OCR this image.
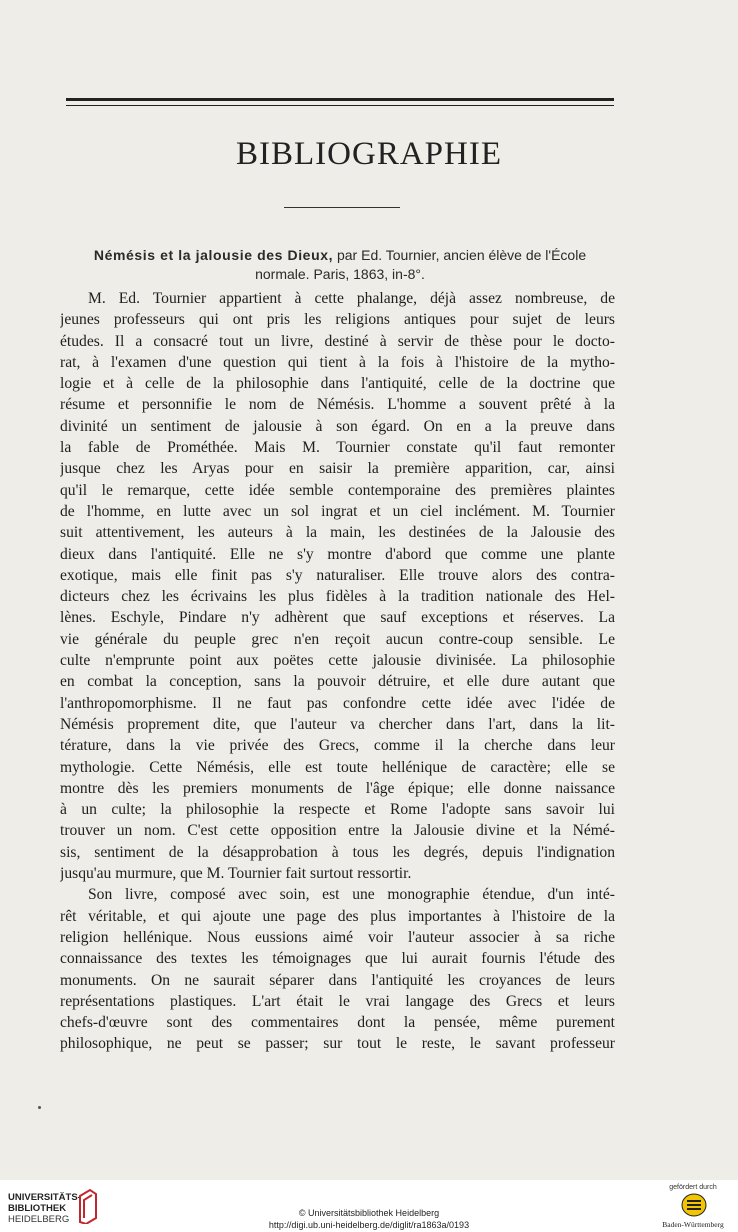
BIBLIOGRAPHIE
Némésis et la jalousie des Dieux, par Ed. Tournier, ancien élève de l'École
normale. Paris, 1863, in-8°.
M. Ed. Tournier appartient à cette phalange, déjà assez nombreuse, de
jeunes professeurs qui ont pris les religions antiques pour sujet de leurs
études. Il a consacré tout un livre, destiné à servir de thèse pour le docto-
rat, à l'examen d'une question qui tient à la fois à l'histoire de la mytho-
logie et à celle de la philosophie dans l'antiquité, celle de la doctrine que
résume et personnifie le nom de Némésis. L'homme a souvent prêté à la
divinité un sentiment de jalousie à son égard. On en a la preuve dans
la fable de Prométhée. Mais M. Tournier constate qu'il faut remonter
jusque chez les Aryas pour en saisir la première apparition, car, ainsi
qu'il le remarque, cette idée semble contemporaine des premières plaintes
de l'homme, en lutte avec un sol ingrat et un ciel inclément. M. Tournier
suit attentivement, les auteurs à la main, les destinées de la Jalousie des
dieux dans l'antiquité. Elle ne s'y montre d'abord que comme une plante
exotique, mais elle finit pas s'y naturaliser. Elle trouve alors des contra-
dicteurs chez les écrivains les plus fidèles à la tradition nationale des Hel-
lènes. Eschyle, Pindare n'y adhèrent que sauf exceptions et réserves. La
vie générale du peuple grec n'en reçoit aucun contre-coup sensible. Le
culte n'emprunte point aux poëtes cette jalousie divinisée. La philosophie
en combat la conception, sans la pouvoir détruire, et elle dure autant que
l'anthropomorphisme. Il ne faut pas confondre cette idée avec l'idée de
Némésis proprement dite, que l'auteur va chercher dans l'art, dans la lit-
térature, dans la vie privée des Grecs, comme il la cherche dans leur
mythologie. Cette Némésis, elle est toute hellénique de caractère; elle se
montre dès les premiers monuments de l'âge épique; elle donne naissance
à un culte; la philosophie la respecte et Rome l'adopte sans savoir lui
trouver un nom. C'est cette opposition entre la Jalousie divine et la Némé-
sis, sentiment de la désapprobation à tous les degrés, depuis l'indignation
jusqu'au murmure, que M. Tournier fait surtout ressortir.
Son livre, composé avec soin, est une monographie étendue, d'un inté-
rêt véritable, et qui ajoute une page des plus importantes à l'histoire de la
religion hellénique. Nous eussions aimé voir l'auteur associer à sa riche
connaissance des textes les témoignages que lui aurait fournis l'étude des
monuments. On ne saurait séparer dans l'antiquité les croyances de leurs
représentations plastiques. L'art était le vrai langage des Grecs et leurs
chefs-d'œuvre sont des commentaires dont la pensée, même purement
philosophique, ne peut se passer; sur tout le reste, le savant professeur
UNIVERSITÄTS-
BIBLIOTHEK
HEIDELBERG
© Universitätsbibliothek Heidelberg
http://digi.ub.uni-heidelberg.de/diglit/ra1863a/0193
gefördert durch
Baden-Württemberg
